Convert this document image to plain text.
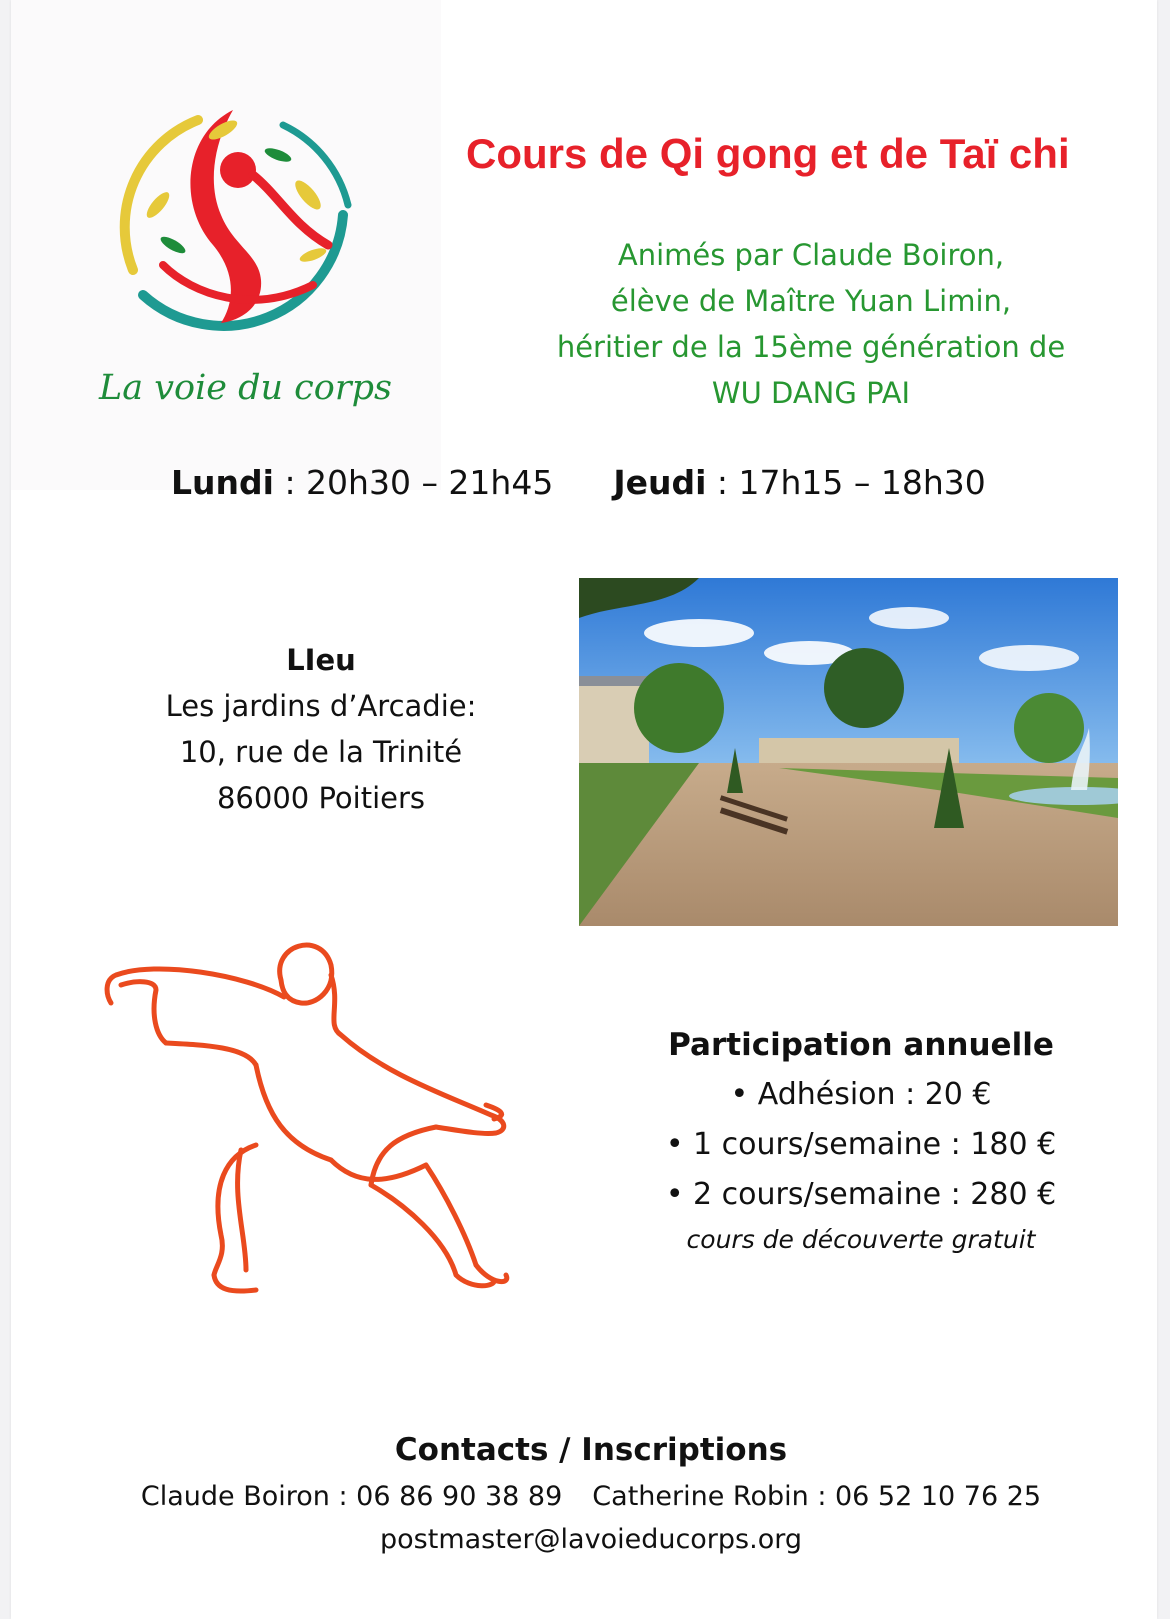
La voie du corps
Cours de Qi gong et de Taï chi
Animés par Claude Boiron,
élève de Maître Yuan Limin,
héritier de la 15ème génération de
WU DANG PAI
Lundi : 20h30 – 21h45 Jeudi : 17h15 – 18h30
LIeu
Les jardins d’Arcadie:
10, rue de la Trinité
86000 Poitiers
Participation annuelle
• Adhésion : 20 €
• 1 cours/semaine : 180 €
• 2 cours/semaine : 280 €
cours de découverte gratuit
Contacts / Inscriptions
Claude Boiron : 06 86 90 38 89 Catherine Robin : 06 52 10 76 25
postmaster@lavoieducorps.org
